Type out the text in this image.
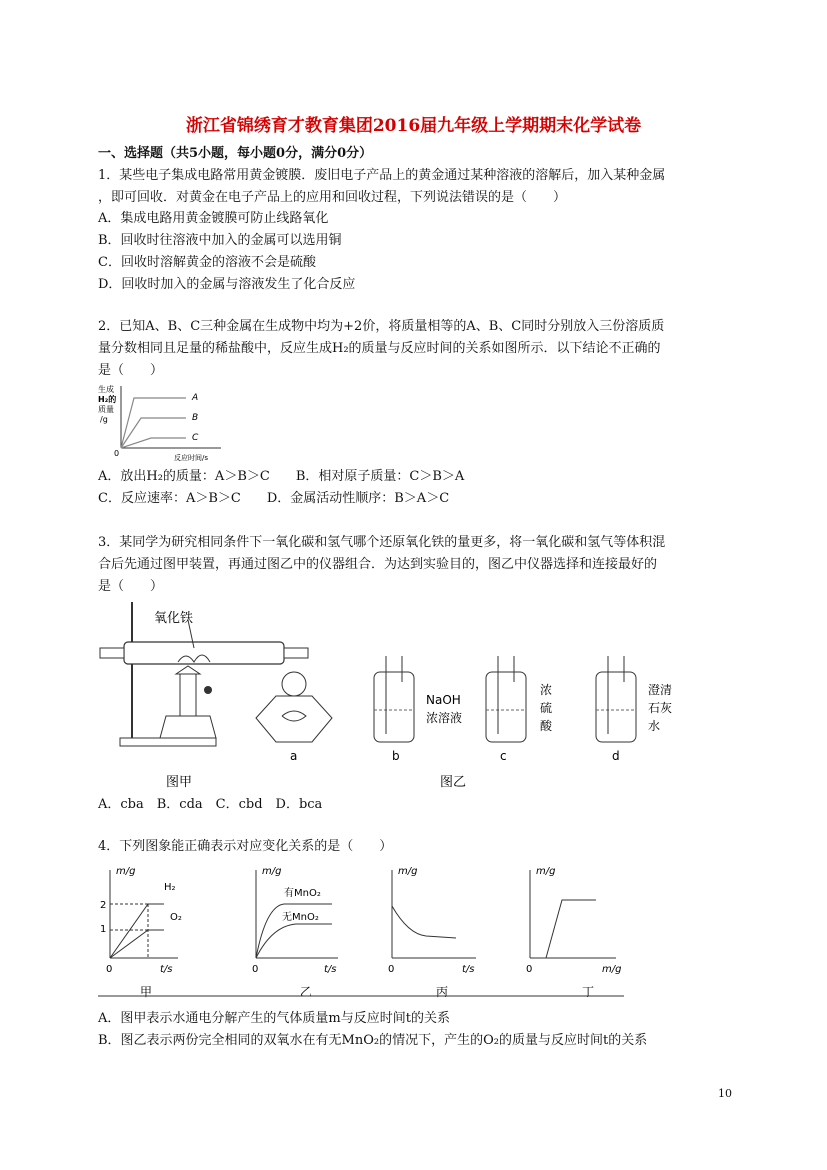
浙江省锦绣育才教育集团2016届九年级上学期期末化学试卷
一、选择题（共5小题，每小题0分，满分0分）
1．某些电子集成电路常用黄金镀膜．废旧电子产品上的黄金通过某种溶液的溶解后，加入某种金属
，即可回收．对黄金在电子产品上的应用和回收过程，下列说法错误的是（　　）
A．集成电路用黄金镀膜可防止线路氧化
B．回收时往溶液中加入的金属可以选用铜
C．回收时溶解黄金的溶液不会是硫酸
D．回收时加入的金属与溶液发生了化合反应
2．已知A、B、C三种金属在生成物中均为+2价，将质量相等的A、B、C同时分别放入三份溶质质
量分数相同且足量的稀盐酸中，反应生成H₂的质量与反应时间的关系如图所示．以下结论不正确的
是（　　）
生成
H₂的
质量
/g
0	反应时间/s
A
B
C
A．放出H₂的质量：A＞B＞C　　B．相对原子质量：C＞B＞A
C．反应速率：A＞B＞C　　D．金属活动性顺序：B＞A＞C
3．某同学为研究相同条件下一氧化碳和氢气哪个还原氧化铁的量更多，将一氧化碳和氢气等体积混
合后先通过图甲装置，再通过图乙中的仪器组合．为达到实验目的，图乙中仪器选择和连接最好的
是（　　）
氧化铁
图甲
a
NaOH
浓溶液
b
浓
硫
酸
c
澄清
石灰
水
d
图乙
A．cba　B．cda　C．cbd　D．bca
4．下列图象能正确表示对应变化关系的是（　　）
m/g
t/s
0
2
1
H₂
O₂
甲
m/g
t/s
0
有MnO₂
无MnO₂
乙
m/g
t/s
0
丙
m/g
m/g
0
丁
A．图甲表示水通电分解产生的气体质量m与反应时间t的关系
B．图乙表示两份完全相同的双氧水在有无MnO₂的情况下，产生的O₂的质量与反应时间t的关系
10
